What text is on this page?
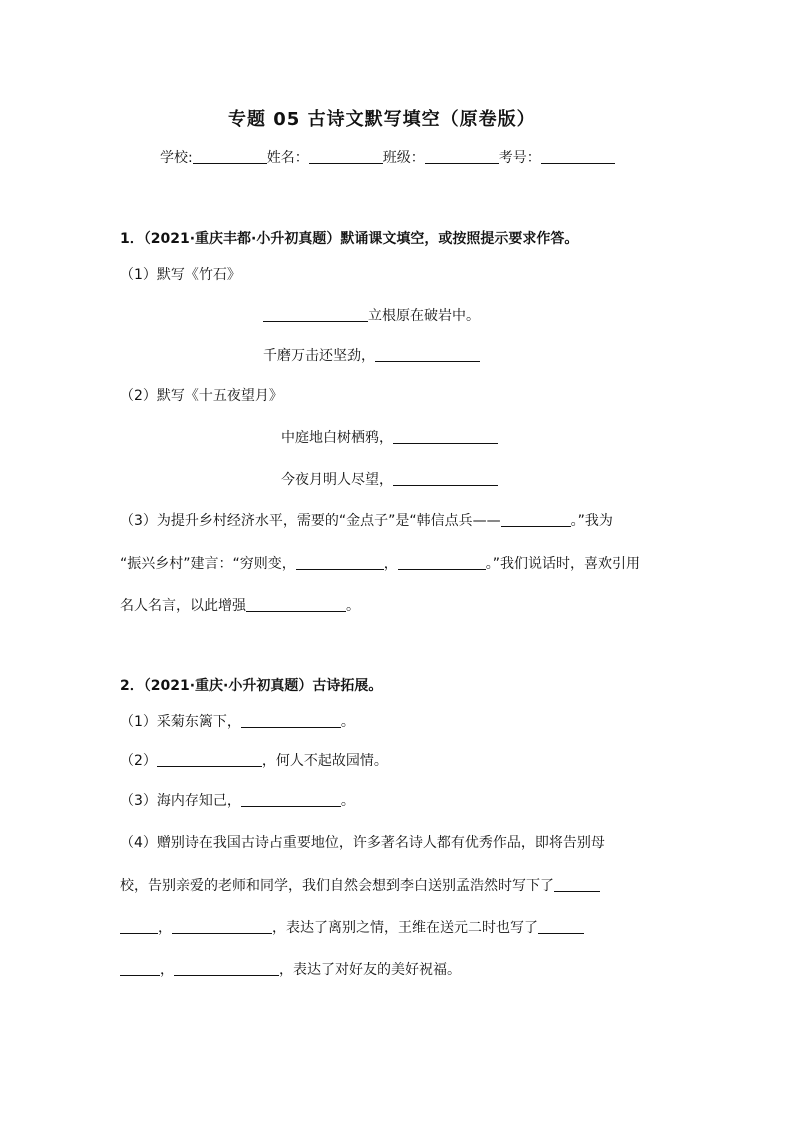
专题 05 古诗文默写填空（原卷版）
学校:	姓名：	班级：	考号：
1．（2021·重庆丰都·小升初真题）默诵课文填空，或按照提示要求作答。
（1）默写《竹石》
立根原在破岩中。
千磨万击还坚劲，
（2）默写《十五夜望月》
中庭地白树栖鸦，
今夜月明人尽望，
（3）为提升乡村经济水平，需要的“金点子”是“韩信点兵——	。”我为
“振兴乡村”建言：“穷则变，	，	。”我们说话时，喜欢引用
名人名言，以此增强	。
2．（2021·重庆·小升初真题）古诗拓展。
（1）采菊东篱下，	。
（2）	，何人不起故园情。
（3）海内存知己，	。
（4）赠别诗在我国古诗占重要地位，许多著名诗人都有优秀作品，即将告别母
校，告别亲爱的老师和同学，我们自然会想到李白送别孟浩然时写下了
，	，表达了离别之情，王维在送元二时也写了
，	，表达了对好友的美好祝福。
